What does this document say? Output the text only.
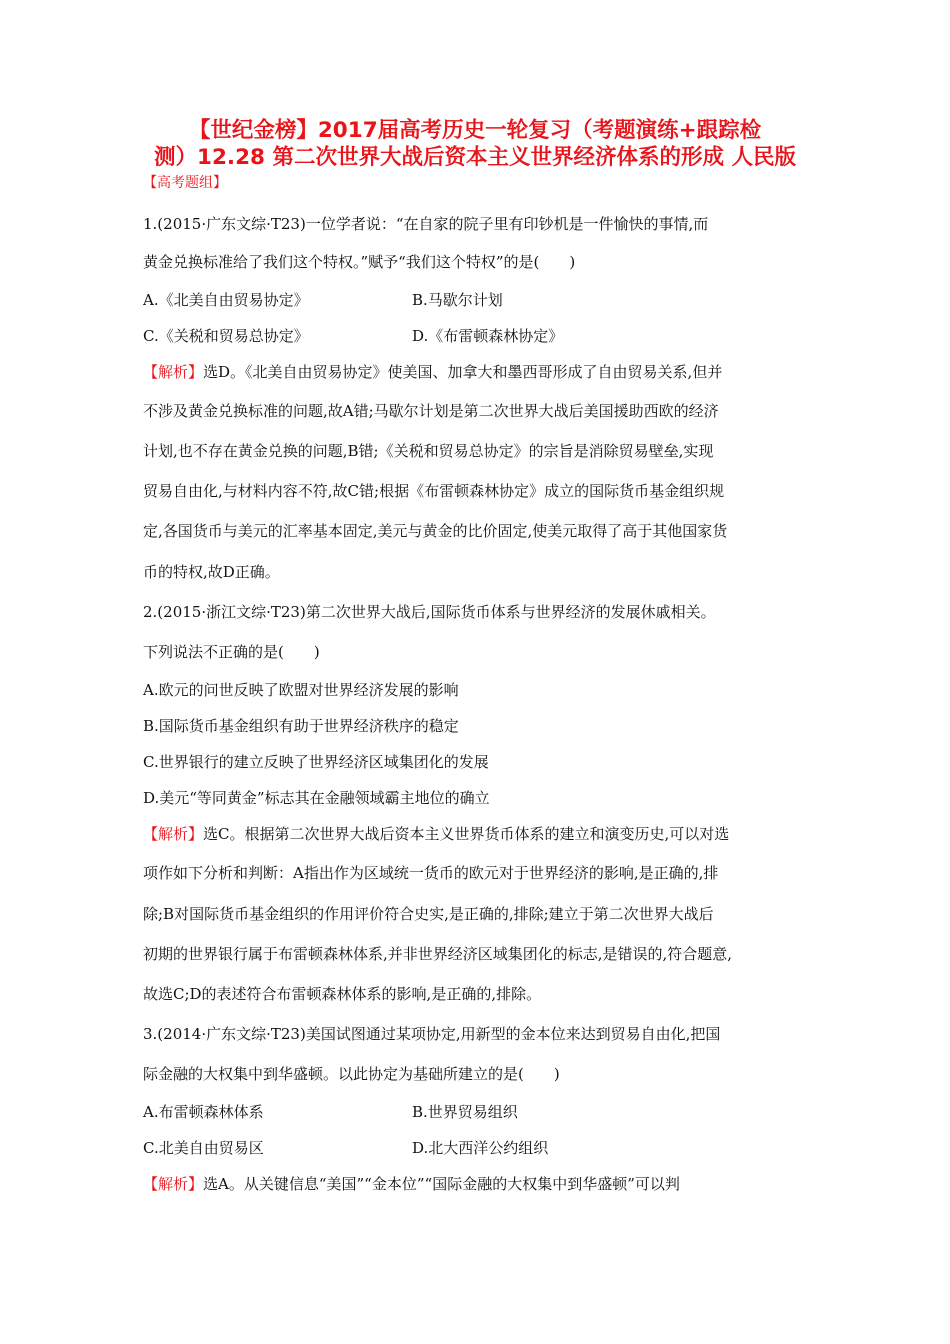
【世纪金榜】2017届高考历史一轮复习（考题演练+跟踪检
测）12.28 第二次世界大战后资本主义世界经济体系的形成 人民版
【高考题组】
1.(2015·广东文综·T23)一位学者说：“在自家的院子里有印钞机是一件愉快的事情,而
黄金兑换标准给了我们这个特权。”赋予“我们这个特权”的是(　　)
A.《北美自由贸易协定》	B.马歇尔计划
C.《关税和贸易总协定》	D.《布雷顿森林协定》
【解析】选D。《北美自由贸易协定》使美国、加拿大和墨西哥形成了自由贸易关系,但并
不涉及黄金兑换标准的问题,故A错;马歇尔计划是第二次世界大战后美国援助西欧的经济
计划,也不存在黄金兑换的问题,B错;《关税和贸易总协定》的宗旨是消除贸易壁垒,实现
贸易自由化,与材料内容不符,故C错;根据《布雷顿森林协定》成立的国际货币基金组织规
定,各国货币与美元的汇率基本固定,美元与黄金的比价固定,使美元取得了高于其他国家货
币的特权,故D正确。
2.(2015·浙江文综·T23)第二次世界大战后,国际货币体系与世界经济的发展休戚相关。
下列说法不正确的是(　　)
A.欧元的问世反映了欧盟对世界经济发展的影响
B.国际货币基金组织有助于世界经济秩序的稳定
C.世界银行的建立反映了世界经济区域集团化的发展
D.美元“等同黄金”标志其在金融领域霸主地位的确立
【解析】选C。根据第二次世界大战后资本主义世界货币体系的建立和演变历史,可以对选
项作如下分析和判断：A指出作为区域统一货币的欧元对于世界经济的影响,是正确的,排
除;B对国际货币基金组织的作用评价符合史实,是正确的,排除;建立于第二次世界大战后
初期的世界银行属于布雷顿森林体系,并非世界经济区域集团化的标志,是错误的,符合题意,
故选C;D的表述符合布雷顿森林体系的影响,是正确的,排除。
3.(2014·广东文综·T23)美国试图通过某项协定,用新型的金本位来达到贸易自由化,把国
际金融的大权集中到华盛顿。以此协定为基础所建立的是(　　)
A.布雷顿森林体系	B.世界贸易组织
C.北美自由贸易区	D.北大西洋公约组织
【解析】选A。从关键信息“美国”“金本位”“国际金融的大权集中到华盛顿”可以判
